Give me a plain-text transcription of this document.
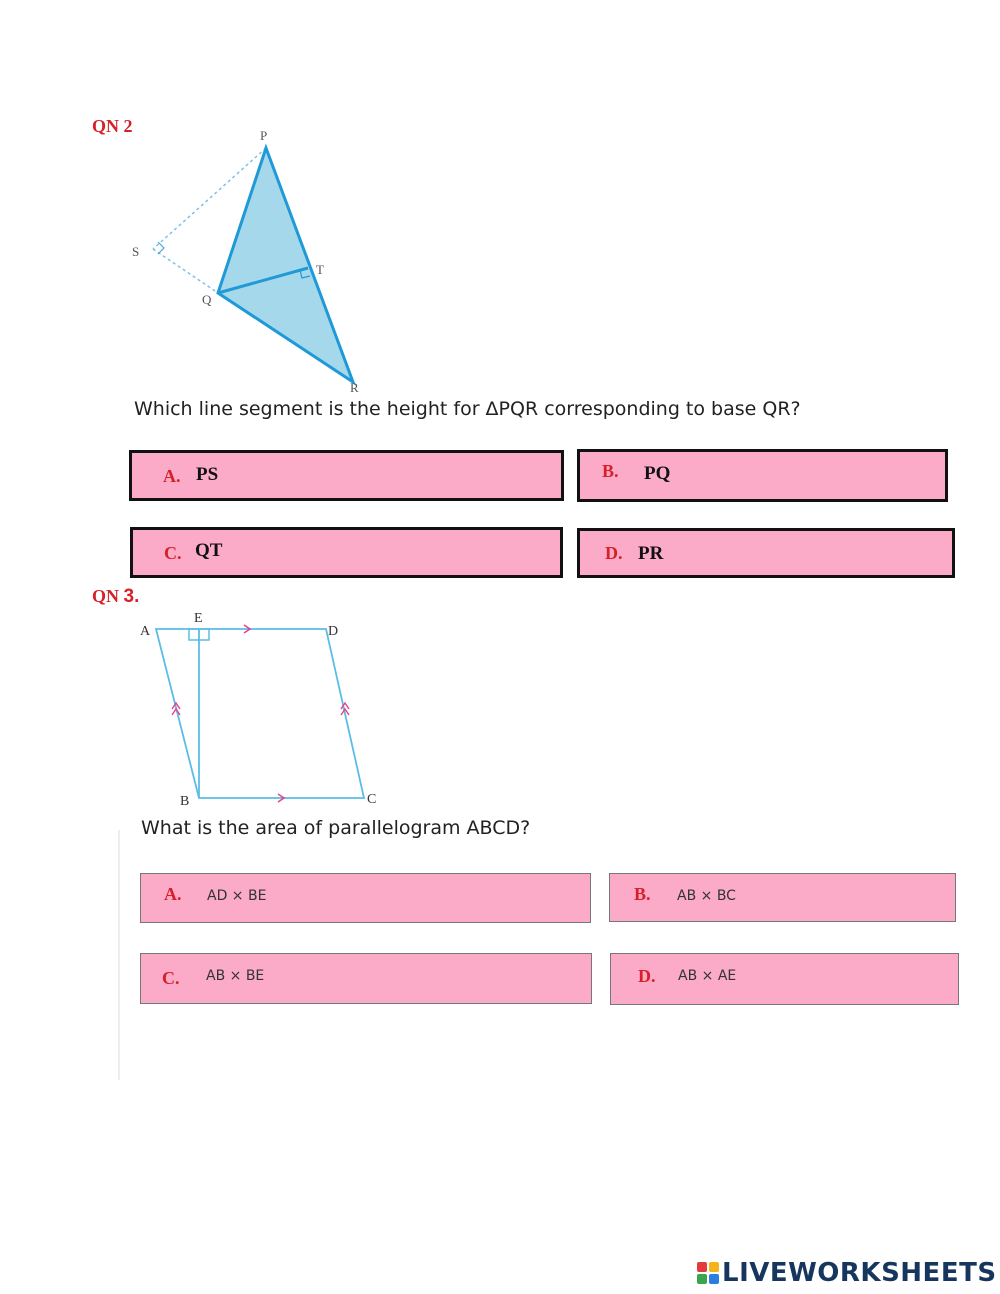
QN 2	P
S
T
Q
R
Which line segment is the height for ΔPQR corresponding to base QR?
A. PS	B. PQ
C. QT	D. PR
QN 3.
A
E
D
B	C
What is the area of parallelogram ABCD?
A. AD × BE	B. AB × BC
C. AB × BE	D. AB × AE
LIVEWORKSHEETS
